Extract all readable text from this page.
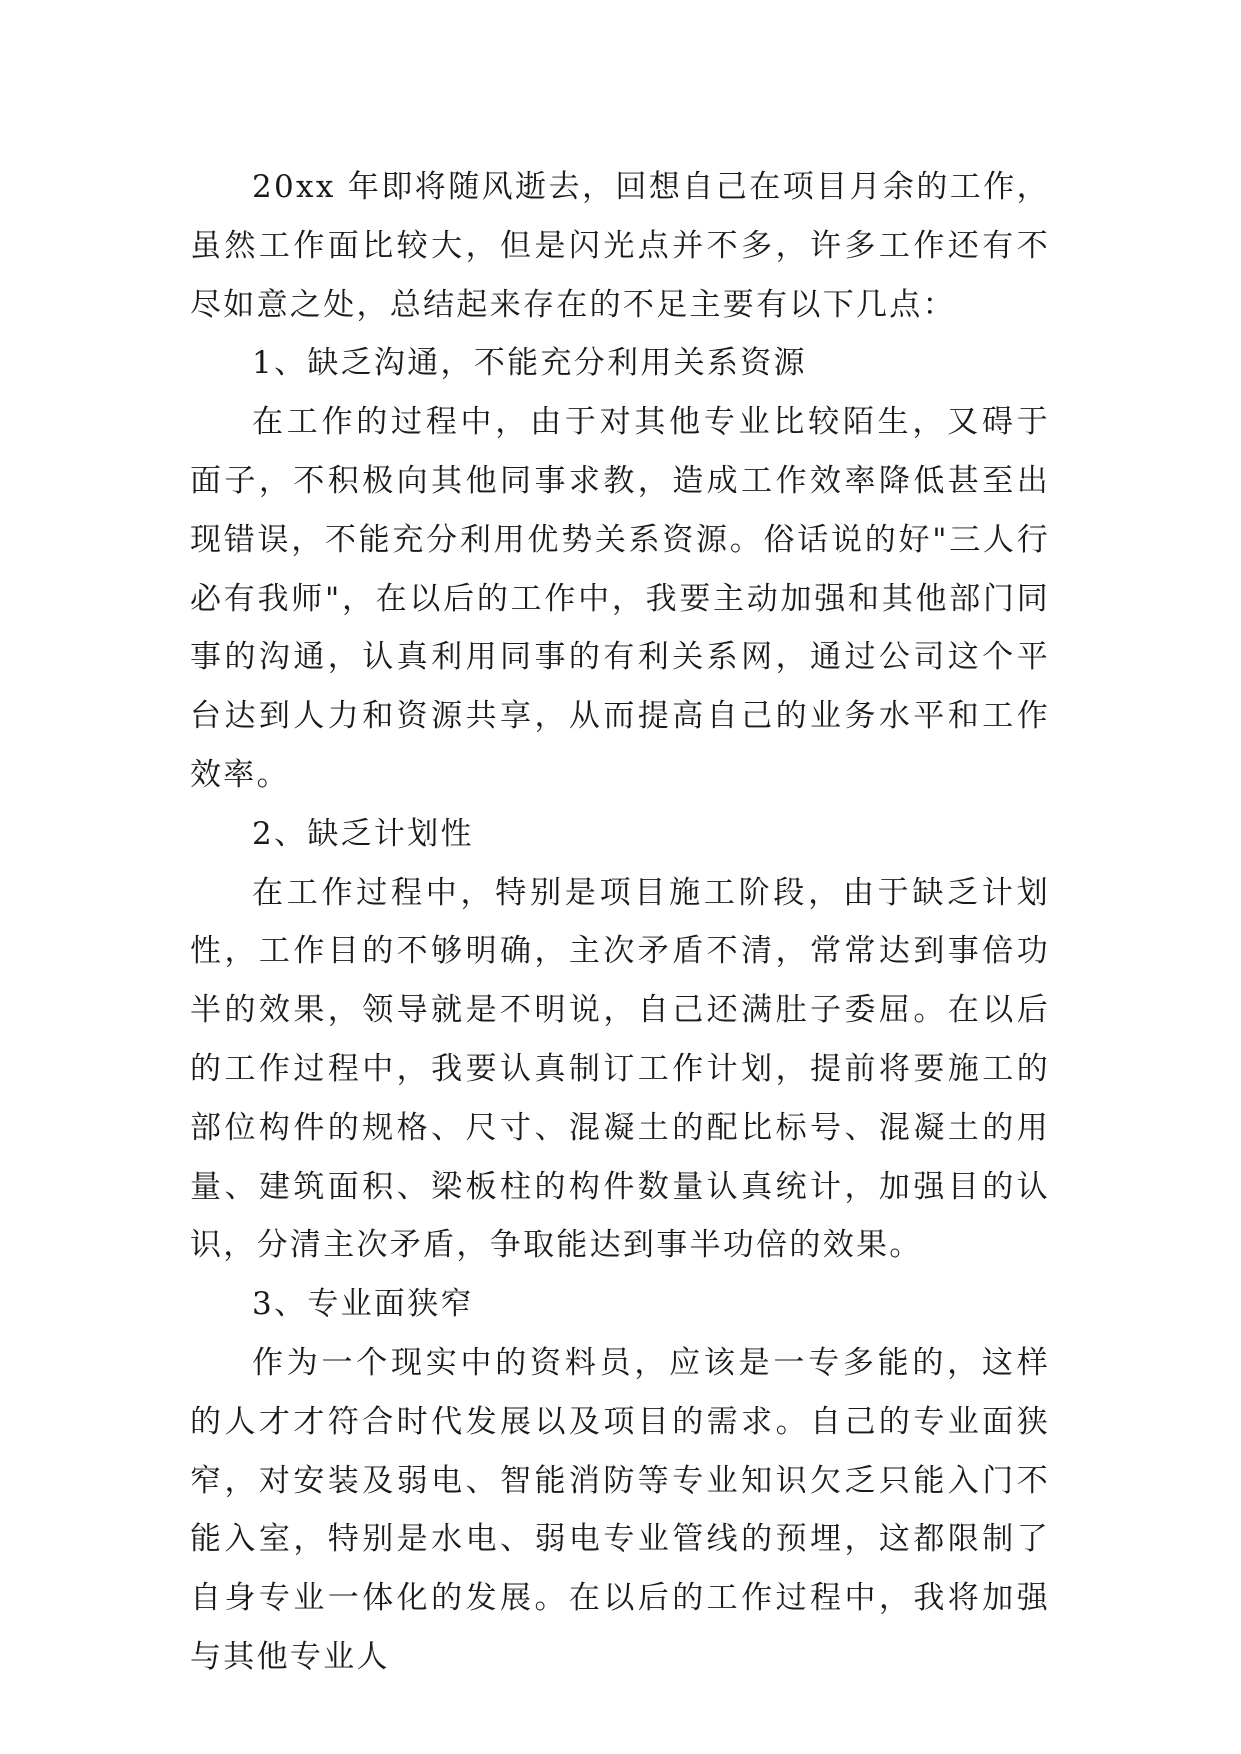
20xx 年即将随风逝去，回想自己在项目月余的工作，虽然工作面比较大，但是闪光点并不多，许多工作还有不尽如意之处，总结起来存在的不足主要有以下几点：

1、缺乏沟通，不能充分利用关系资源

在工作的过程中，由于对其他专业比较陌生，又碍于面子，不积极向其他同事求教，造成工作效率降低甚至出现错误，不能充分利用优势关系资源。俗话说的好"三人行必有我师"，在以后的工作中，我要主动加强和其他部门同事的沟通，认真利用同事的有利关系网，通过公司这个平台达到人力和资源共享，从而提高自己的业务水平和工作效率。

2、缺乏计划性

在工作过程中，特别是项目施工阶段，由于缺乏计划性，工作目的不够明确，主次矛盾不清，常常达到事倍功半的效果，领导就是不明说，自己还满肚子委屈。在以后的工作过程中，我要认真制订工作计划，提前将要施工的部位构件的规格、尺寸、混凝土的配比标号、混凝土的用量、建筑面积、梁板柱的构件数量认真统计，加强目的认识，分清主次矛盾，争取能达到事半功倍的效果。

3、专业面狭窄

作为一个现实中的资料员，应该是一专多能的，这样的人才才符合时代发展以及项目的需求。自己的专业面狭窄，对安装及弱电、智能消防等专业知识欠乏只能入门不能入室，特别是水电、弱电专业管线的预埋，这都限制了自身专业一体化的发展。在以后的工作过程中，我将加强与其他专业人
